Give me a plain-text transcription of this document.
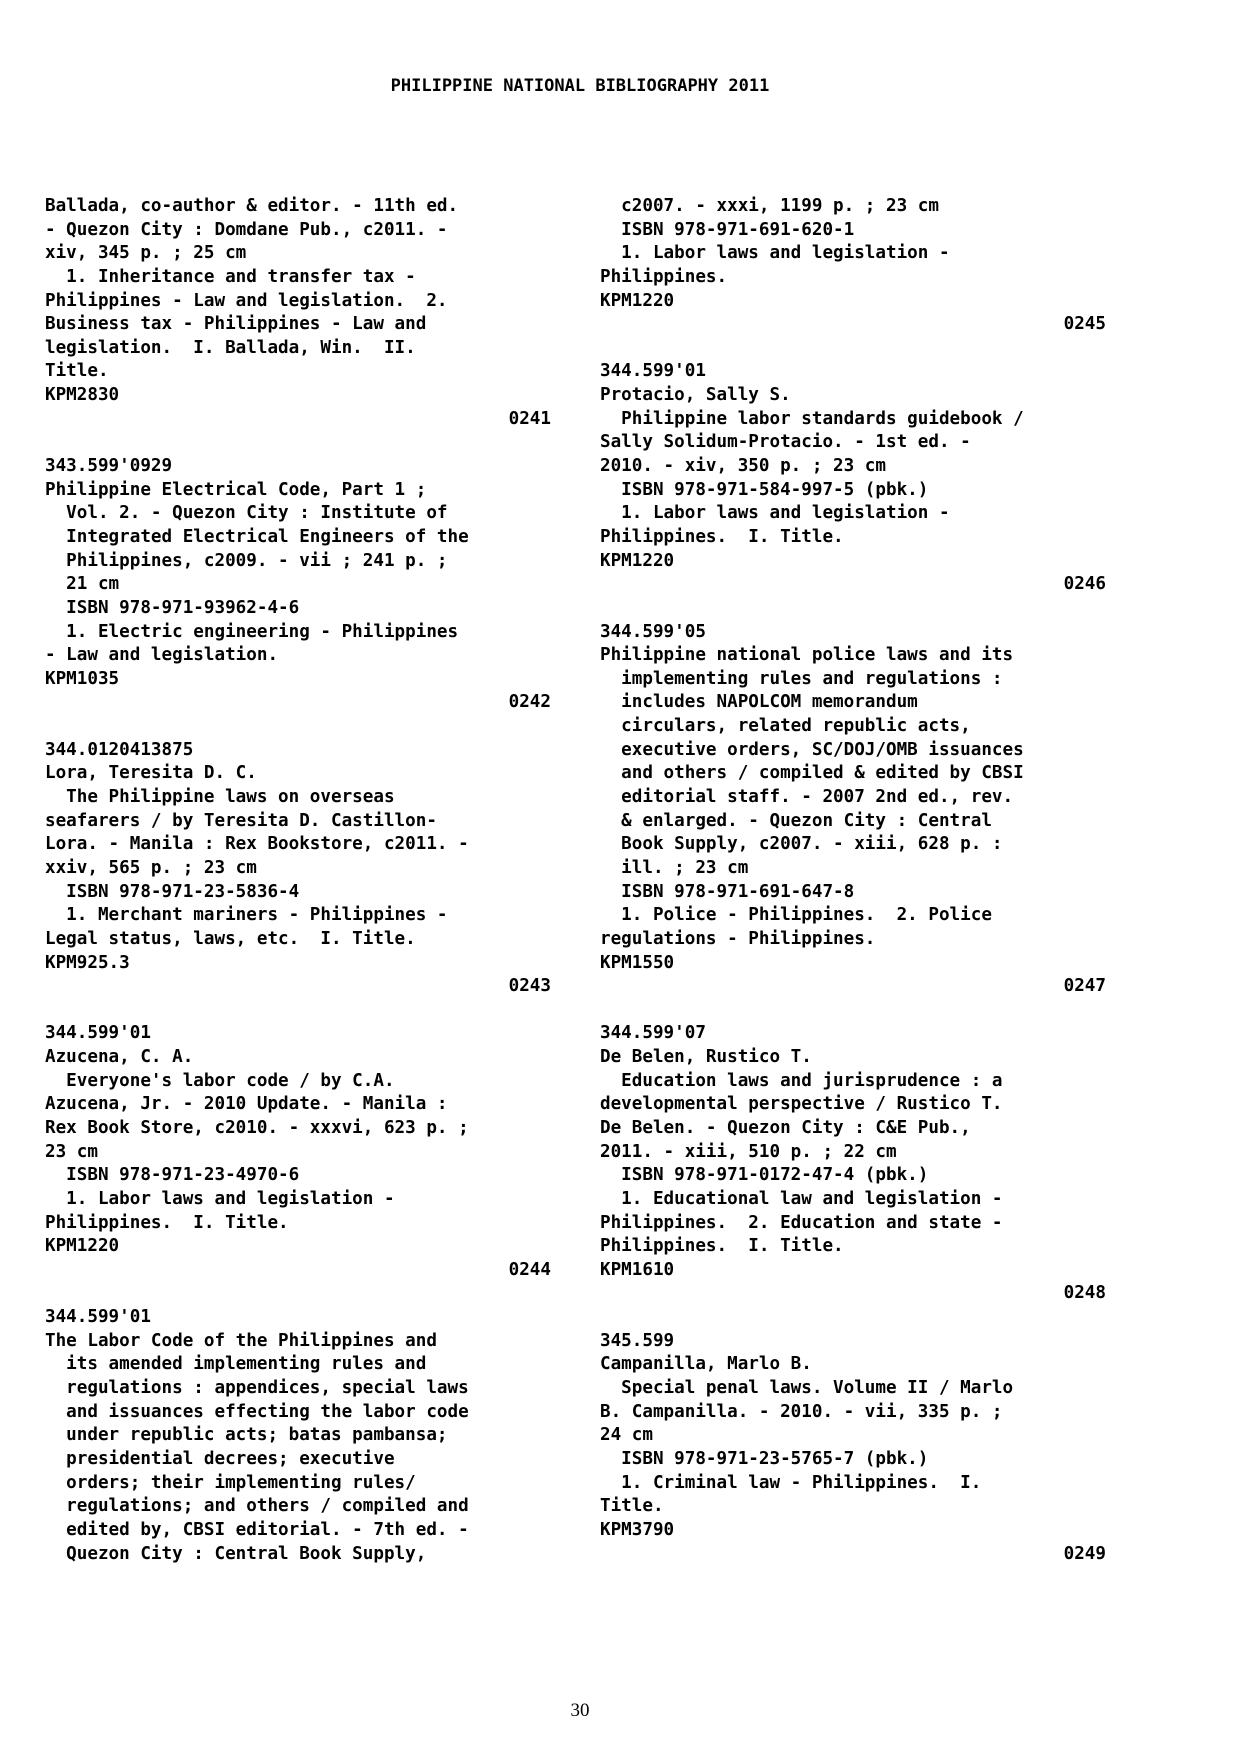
PHILIPPINE NATIONAL BIBLIOGRAPHY 2011
Ballada, co-author & editor. - 11th ed.
- Quezon City : Domdane Pub., c2011. -
xiv, 345 p. ; 25 cm
1. Inheritance and transfer tax -
Philippines - Law and legislation.  2.
Business tax - Philippines - Law and
legislation.  I. Ballada, Win.  II.
Title.
KPM2830
0241
343.599'0929
Philippine Electrical Code, Part 1 ;
Vol. 2. - Quezon City : Institute of
Integrated Electrical Engineers of the
Philippines, c2009. - vii ; 241 p. ;
21 cm
ISBN 978-971-93962-4-6
1. Electric engineering - Philippines
- Law and legislation.
KPM1035
0242
344.0120413875
Lora, Teresita D. C.
The Philippine laws on overseas
seafarers / by Teresita D. Castillon-
Lora. - Manila : Rex Bookstore, c2011. -
xxiv, 565 p. ; 23 cm
ISBN 978-971-23-5836-4
1. Merchant mariners - Philippines -
Legal status, laws, etc.  I. Title.
KPM925.3
0243
344.599'01
Azucena, C. A.
Everyone's labor code / by C.A.
Azucena, Jr. - 2010 Update. - Manila :
Rex Book Store, c2010. - xxxvi, 623 p. ;
23 cm
ISBN 978-971-23-4970-6
1. Labor laws and legislation -
Philippines.  I. Title.
KPM1220
0244
344.599'01
The Labor Code of the Philippines and
its amended implementing rules and
regulations : appendices, special laws
and issuances effecting the labor code
under republic acts; batas pambansa;
presidential decrees; executive
orders; their implementing rules/
regulations; and others / compiled and
edited by, CBSI editorial. - 7th ed. -
Quezon City : Central Book Supply,
c2007. - xxxi, 1199 p. ; 23 cm
ISBN 978-971-691-620-1
1. Labor laws and legislation -
Philippines.
KPM1220
0245
344.599'01
Protacio, Sally S.
Philippine labor standards guidebook /
Sally Solidum-Protacio. - 1st ed. -
2010. - xiv, 350 p. ; 23 cm
ISBN 978-971-584-997-5 (pbk.)
1. Labor laws and legislation -
Philippines.  I. Title.
KPM1220
0246
344.599'05
Philippine national police laws and its
implementing rules and regulations :
includes NAPOLCOM memorandum
circulars, related republic acts,
executive orders, SC/DOJ/OMB issuances
and others / compiled & edited by CBSI
editorial staff. - 2007 2nd ed., rev.
& enlarged. - Quezon City : Central
Book Supply, c2007. - xiii, 628 p. :
ill. ; 23 cm
ISBN 978-971-691-647-8
1. Police - Philippines.  2. Police
regulations - Philippines.
KPM1550
0247
344.599'07
De Belen, Rustico T.
Education laws and jurisprudence : a
developmental perspective / Rustico T.
De Belen. - Quezon City : C&E Pub.,
2011. - xiii, 510 p. ; 22 cm
ISBN 978-971-0172-47-4 (pbk.)
1. Educational law and legislation -
Philippines.  2. Education and state -
Philippines.  I. Title.
KPM1610
0248
345.599
Campanilla, Marlo B.
Special penal laws. Volume II / Marlo
B. Campanilla. - 2010. - vii, 335 p. ;
24 cm
ISBN 978-971-23-5765-7 (pbk.)
1. Criminal law - Philippines.  I.
Title.
KPM3790
0249
30
